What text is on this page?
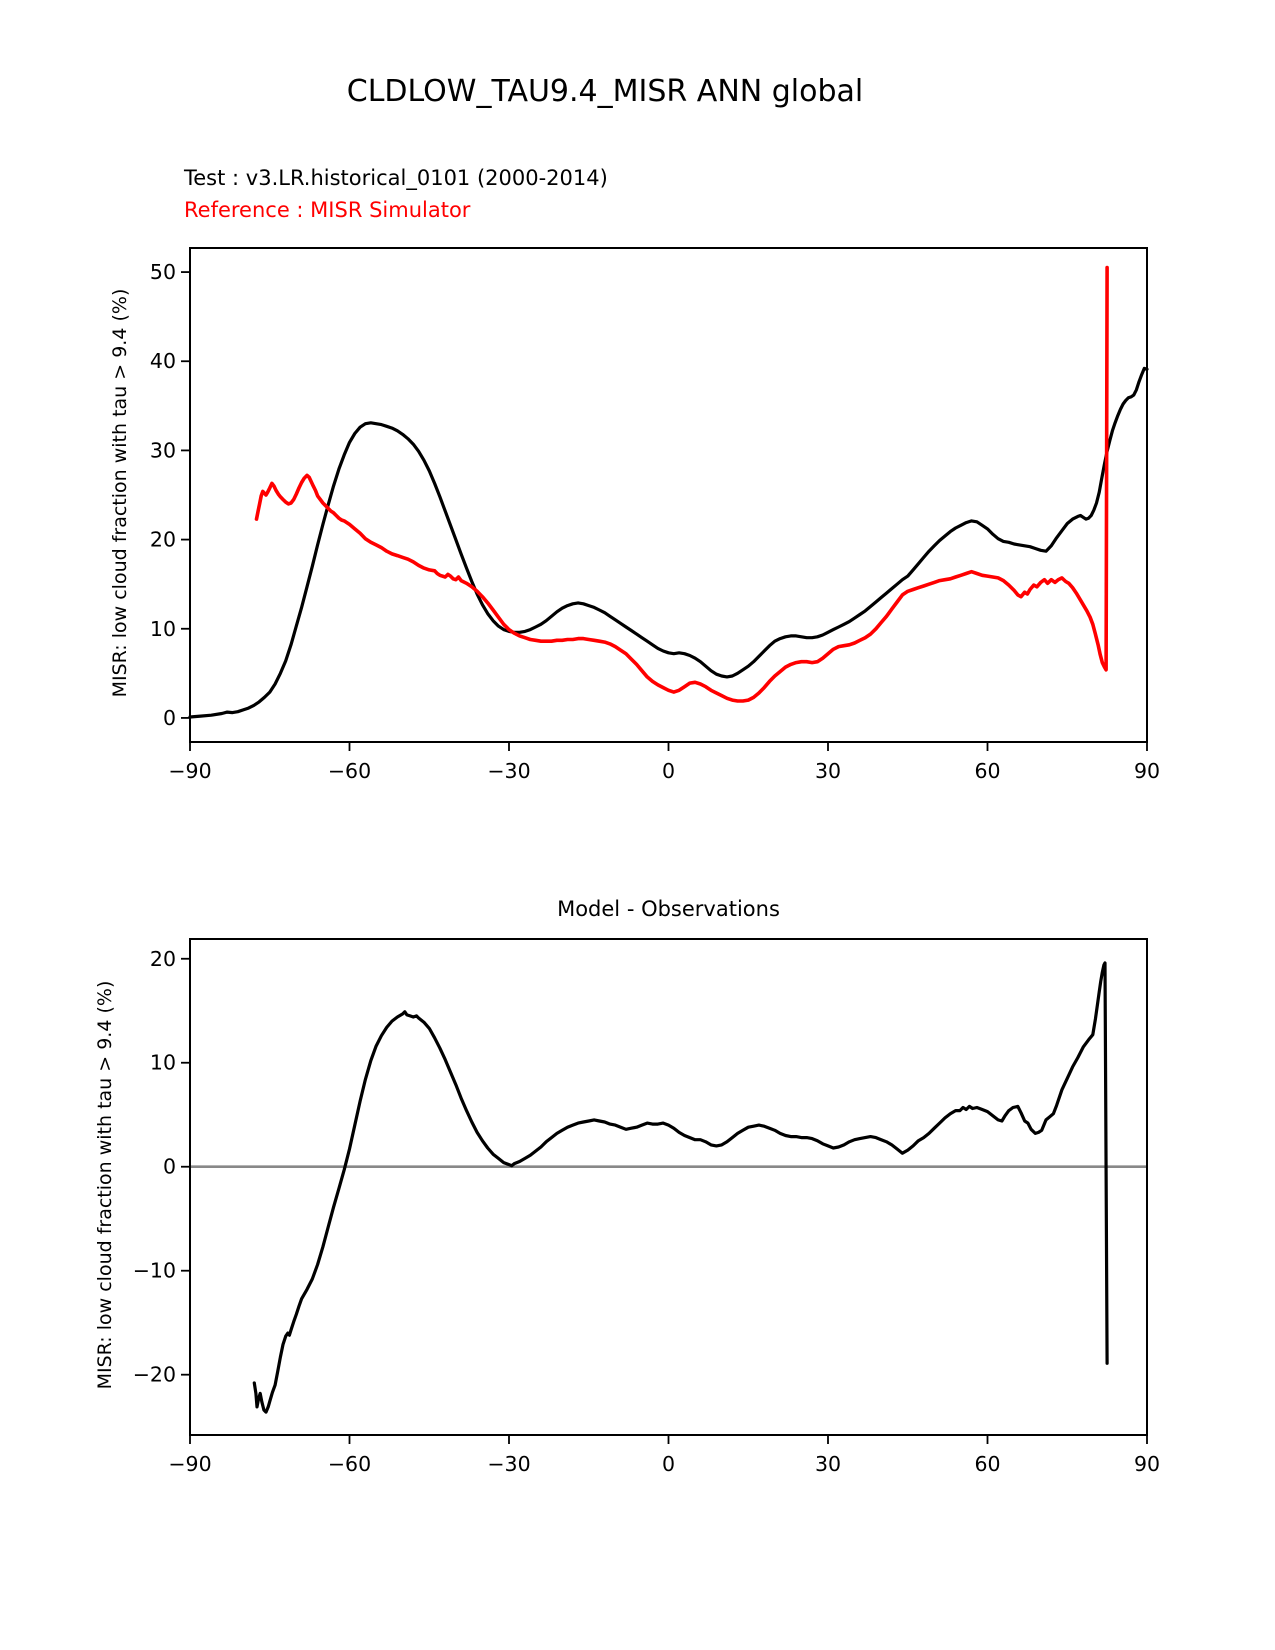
CLDLOW_TAU9.4_MISR ANN global
Test : v3.LR.historical_0101 (2000-2014)
Reference : MISR Simulator
Model - Observations
MISR: low cloud fraction with tau > 9.4 (%)
MISR: low cloud fraction with tau > 9.4 (%)
−90	−60	−30	0	30	60	90
0
10
20
30
40
50
−90	−60	−30	0	30	60	90
−20
−10
0
10
20
